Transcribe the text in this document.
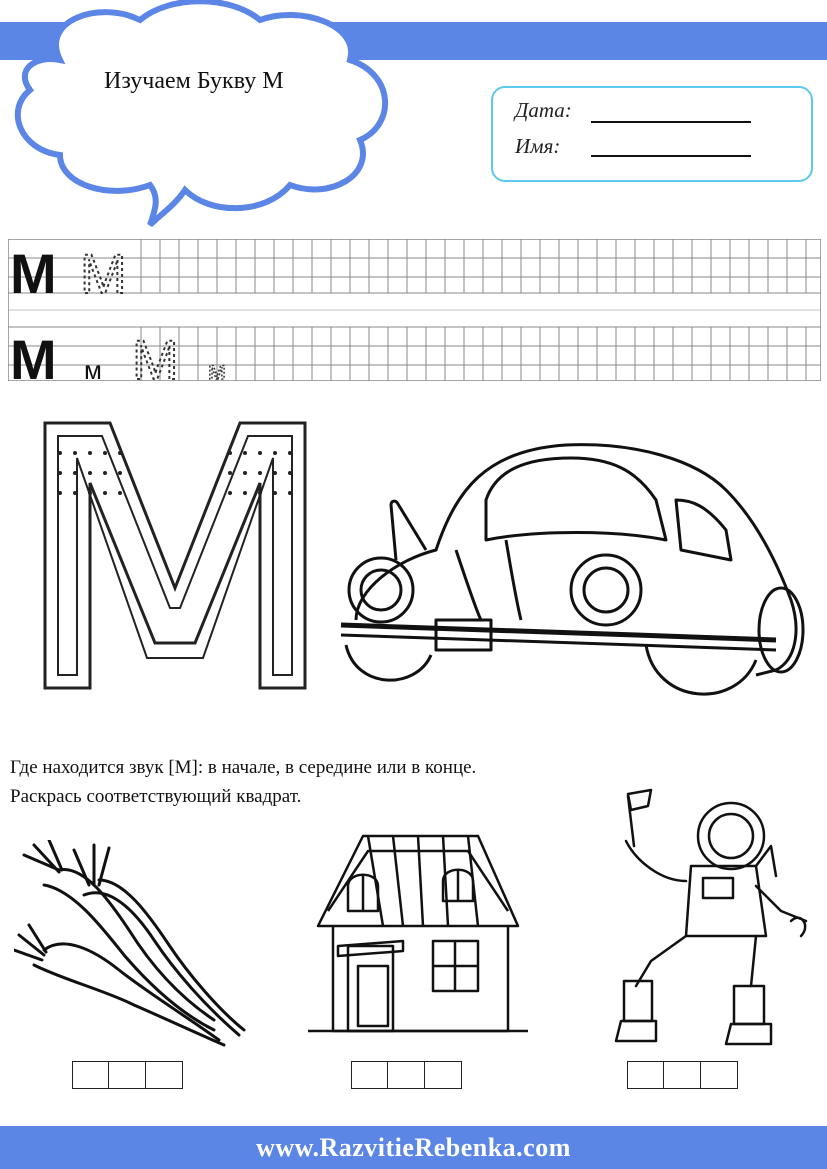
Изучаем Букву М
Дата:
Имя:
М М
М м М м
Где находится звук [М]: в начале, в середине или в конце.
Раскрась соответствующий квадрат.
www.RazvitieRebenka.com
